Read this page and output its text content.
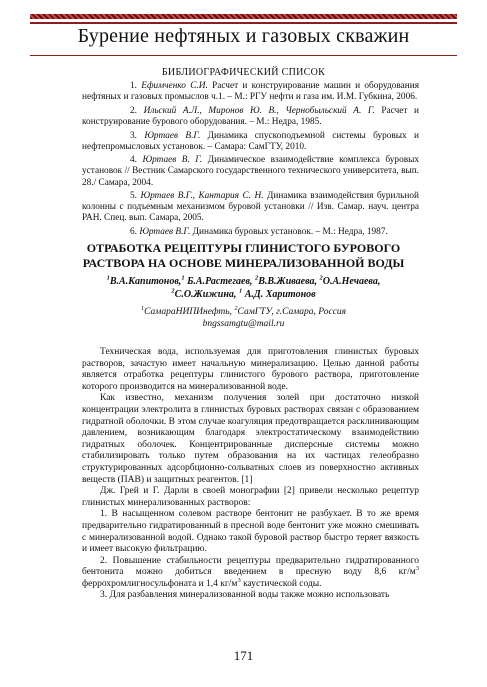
Бурение нефтяных и газовых скважин
БИБЛИОГРАФИЧЕСКИЙ СПИСОК

1. Ефимченко С.И. Расчет и конструирование машин и оборудования нефтяных и газовых промыслов ч.1. – М.: РГУ нефти и газа им. И.М. Губкина, 2006.

2. Ильский А.Л., Миронов Ю. В., Чернобыльский А. Г. Расчет и конструирование бурового оборудования. – М.: Недра, 1985.

3. Юртаев В.Г. Динамика спускоподъемной системы буровых и нефтепромысловых установок. – Самара: СамГТУ, 2010.

4. Юртаев В. Г. Динамическое взаимодействие комплекса буровых установок // Вестник Самарского государственного технического университета, вып. 28./ Самара, 2004.

5. Юртаев В.Г., Кантария С. Н. Динамика взаимодействия бурильной колонны с подъемным механизмом буровой установки // Изв. Самар. науч. центра РАН. Спец. вып. Самара, 2005.

6. Юртаев В.Г. Динамика буровых установок. – М.: Недра, 1987.

ОТРАБОТКА РЕЦЕПТУРЫ ГЛИНИСТОГО БУРОВОГО
РАСТВОРА НА ОСНОВЕ МИНЕРАЛИЗОВАННОЙ ВОДЫ
$^1$В.А.Капитонов,$^1$ Б.А.Растегаев, $^2$В.В.Живаева, $^2$О.А.Нечаева,
$^2$С.О.Жижина, $^1$ А.Д. Харитонов
$^1$СамараНИПИнефть, $^2$СамГТУ, г.Самара, Россия
bngssamgtu@mail.ru

Техническая вода, используемая для приготовления глинистых буровых растворов, зачастую имеет начальную минерализацию. Целью данной работы является отработка рецептуры глинистого бурового раствора, приготовление которого производится на минерализованной воде.

Как известно, механизм получения золей при достаточно низкой концентрации электролита в глинистых буровых растворах связан с образованием гидратной оболочки. В этом случае коагуляция предотвращается расклинивающим давлением, возникающим благодаря электростатическому взаимодействию гидратных оболочек. Концентрированные дисперсные системы можно стабилизировать только путем образования на их частицах гелеобразно структурированных адсорбционно-сольватных слоев из поверхностно активных веществ (ПАВ) и защитных реагентов. [1]

Дж. Грей и Г. Дарли в своей монографии [2] привели несколько рецептур глинистых минерализованных растворов:

1. В насыщенном солевом растворе бентонит не разбухает. В то же время предварительно гидратированный в пресной воде бентонит уже можно смешивать с минерализованной водой. Однако такой буровой раствор быстро теряет вязкость и имеет высокую фильтрацию.

2. Повышение стабильности рецептуры предварительно гидратированного бентонита можно добиться введением в пресную воду 8,6 $кг/м^3$ феррохромлигносульфоната и 1,4 $кг/м^3$ каустической соды.

3. Для разбавления минерализованной воды также можно использовать

171
